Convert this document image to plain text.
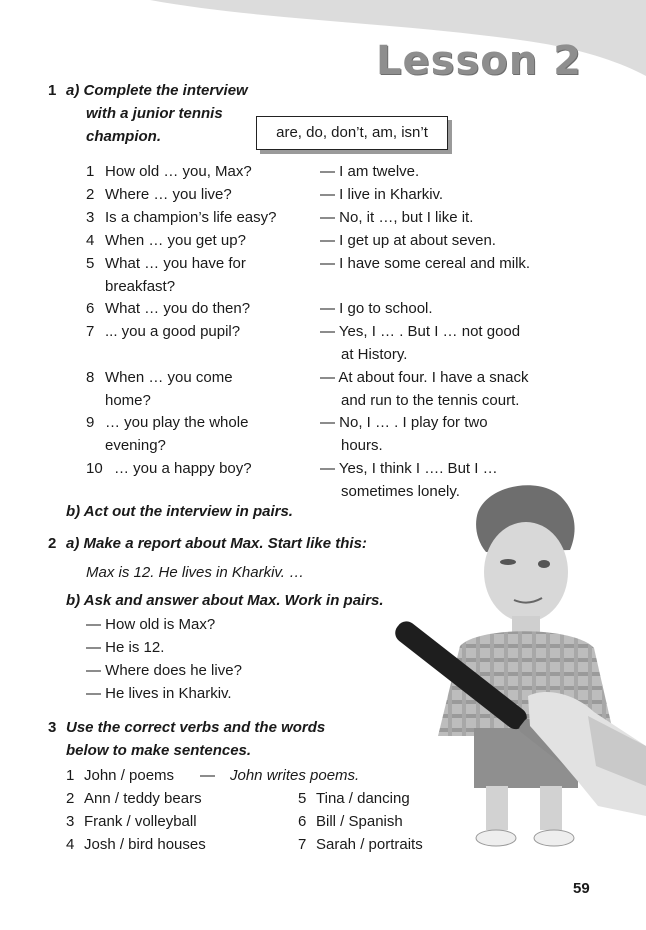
Lesson 2
1 a) Complete the interview
with a junior tennis
champion.	are, do, don’t, am, isn’t
1 How old … you, Max?	— I am twelve.
2 Where … you live?	— I live in Kharkiv.
3 Is a champion’s life easy?	— No, it …, but I like it.
4 When … you get up?	— I get up at about seven.
5 What … you have for
breakfast?
— I have some cereal and milk.
6 What … you do then?	— I go to school.
7 ... you a good pupil?	— Yes, I … . But I … not good
at History.
8 When … you come
home?
— At about four. I have a snack
and run to the tennis court.
9 … you play the whole
evening?
— No, I … . I play for two
hours.
10 … you a happy boy?	— Yes, I think I …. But I …
sometimes lonely.
b) Act out the interview in pairs.
2 a) Make a report about Max. Start like this:
Max is 12. He lives in Kharkiv. …
b) Ask and answer about Max. Work in pairs.
— How old is Max?
— He is 12.
— Where does he live?
— He lives in Kharkiv.
3 Use the correct verbs and the words
below to make sentences.
1 John / poems — John writes poems.
2 Ann / teddy bears
3 Frank / volleyball
4 Josh / bird houses
5 Tina / dancing
6 Bill / Spanish
7 Sarah / portraits
59
